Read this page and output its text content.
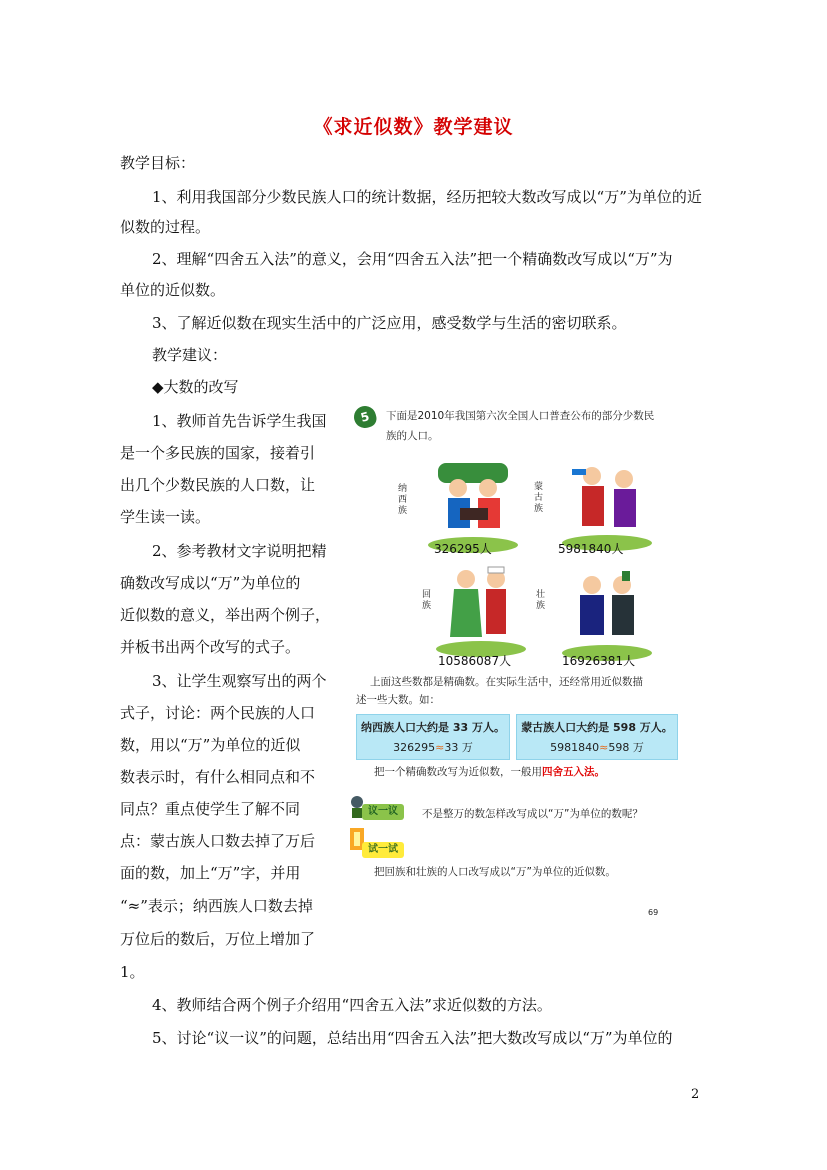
《求近似数》教学建议
教学目标：
1、利用我国部分少数民族人口的统计数据，经历把较大数改写成以“万”为单位的近
似数的过程。
2、理解“四舍五入法”的意义，会用“四舍五入法”把一个精确数改写成以“万”为
单位的近似数。
3、了解近似数在现实生活中的广泛应用，感受数学与生活的密切联系。
教学建议：
◆大数的改写
1、教师首先告诉学生我国
是一个多民族的国家，接着引
出几个少数民族的人口数，让
学生读一读。
2、参考教材文字说明把精
确数改写成以“万”为单位的
近似数的意义，举出两个例子，
并板书出两个改写的式子。
3、让学生观察写出的两个
式子，讨论：两个民族的人口
数，用以“万”为单位的近似
数表示时，有什么相同点和不
同点？重点使学生了解不同
点：蒙古族人口数去掉了万后
面的数，加上“万”字，并用
“≈”表示；纳西族人口数去掉
万位后的数后，万位上增加了
1。
4、教师结合两个例子介绍用“四舍五入法”求近似数的方法。
5、讨论“议一议”的问题，总结出用“四舍五入法”把大数改写成以“万”为单位的
5	下面是2010年我国第六次全国人口普查公布的部分少数民
族的人口。
纳西族
326295人
蒙古族
5981840人
回族
10586087人
壮族
16926381人
上面这些数都是精确数。在实际生活中，还经常用近似数描
述一些大数。如：
纳西族人口大约是 33 万人。
326295≈33 万
蒙古族人口大约是 598 万人。
5981840≈598 万
把一个精确数改写为近似数，一般用四舍五入法。
议一议	不是整万的数怎样改写成以“万”为单位的数呢？
试一试
把回族和壮族的人口改写成以“万”为单位的近似数。
69
2
